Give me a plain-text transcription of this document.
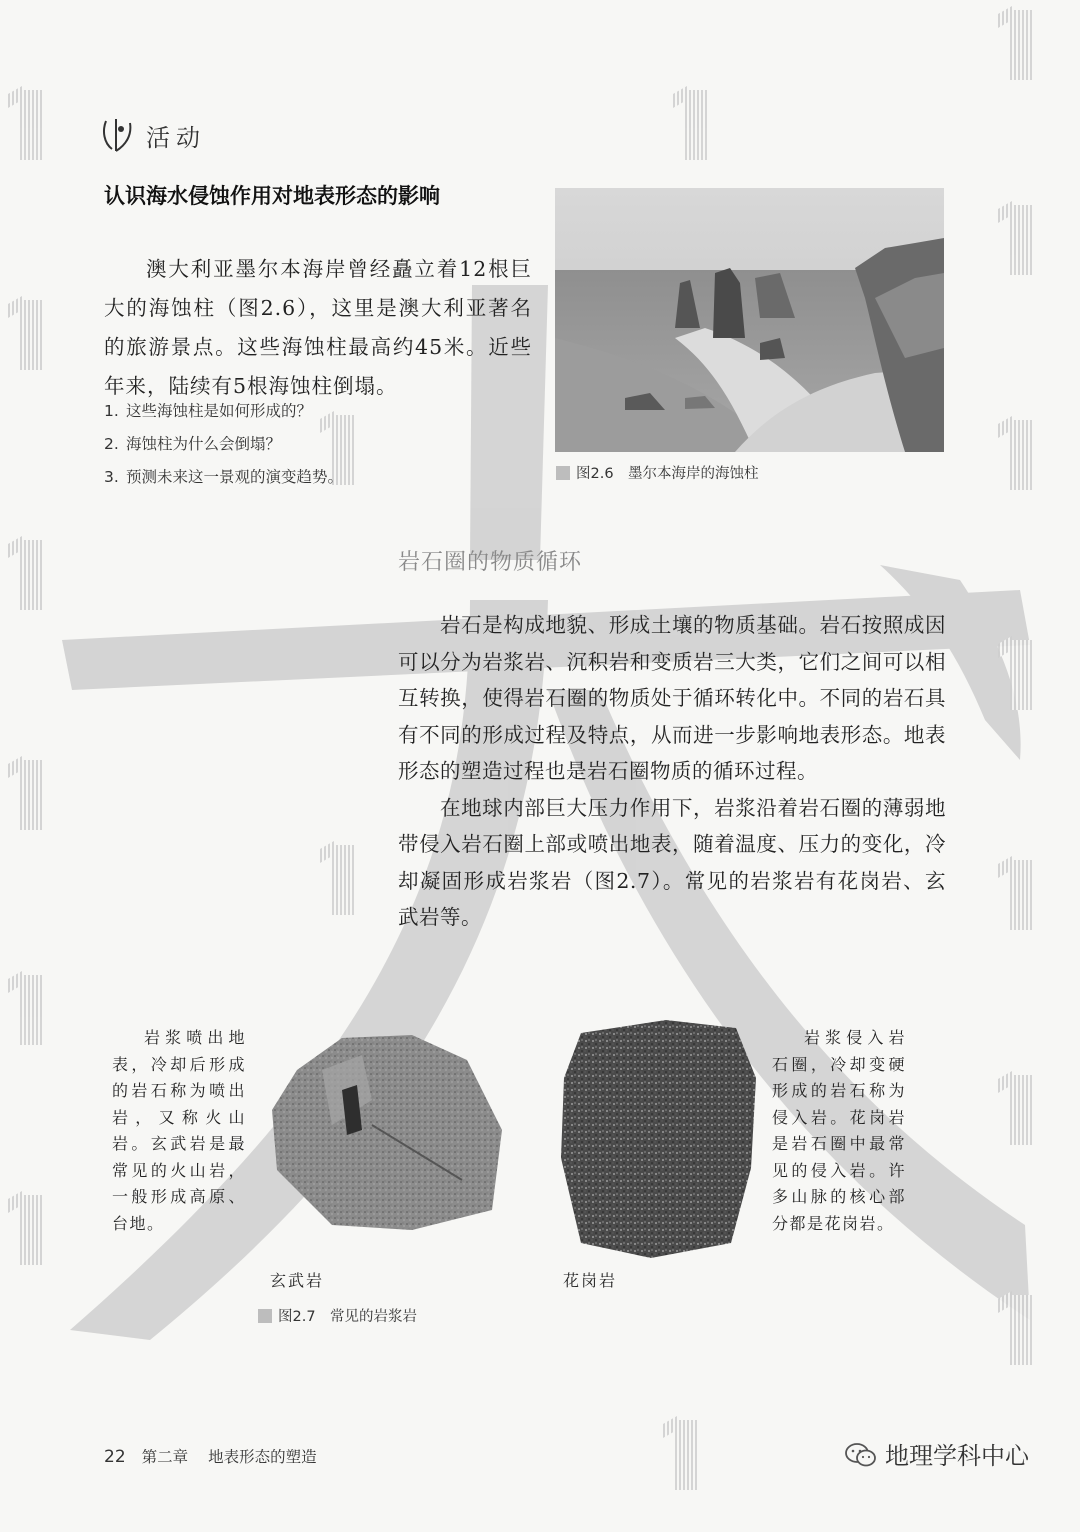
活动
认识海水侵蚀作用对地表形态的影响
澳大利亚墨尔本海岸曾经矗立着12根巨大的海蚀柱（图2.6），这里是澳大利亚著名的旅游景点。这些海蚀柱最高约45米。近些年来，陆续有5根海蚀柱倒塌。
1. 这些海蚀柱是如何形成的？
2. 海蚀柱为什么会倒塌？
3. 预测未来这一景观的演变趋势。	图2.6　墨尔本海岸的海蚀柱
岩石圈的物质循环

岩石是构成地貌、形成土壤的物质基础。岩石按照成因可以分为岩浆岩、沉积岩和变质岩三大类，它们之间可以相互转换，使得岩石圈的物质处于循环转化中。不同的岩石具有不同的形成过程及特点，从而进一步影响地表形态。地表形态的塑造过程也是岩石圈物质的循环过程。

在地球内部巨大压力作用下，岩浆沿着岩石圈的薄弱地带侵入岩石圈上部或喷出地表，随着温度、压力的变化，冷却凝固形成岩浆岩（图2.7）。常见的岩浆岩有花岗岩、玄武岩等。

岩浆喷出地表，冷却后形成的岩石称为喷出岩，又称火山岩。玄武岩是最常见的火山岩，一般形成高原、台地。

岩浆侵入岩石圈，冷却变硬形成的岩石称为侵入岩。花岗岩是岩石圈中最常见的侵入岩。许多山脉的核心部分都是花岗岩。

玄武岩	花岗岩
图2.7　常见的岩浆岩
22 第二章 地表形态的塑造	地理学科中心
